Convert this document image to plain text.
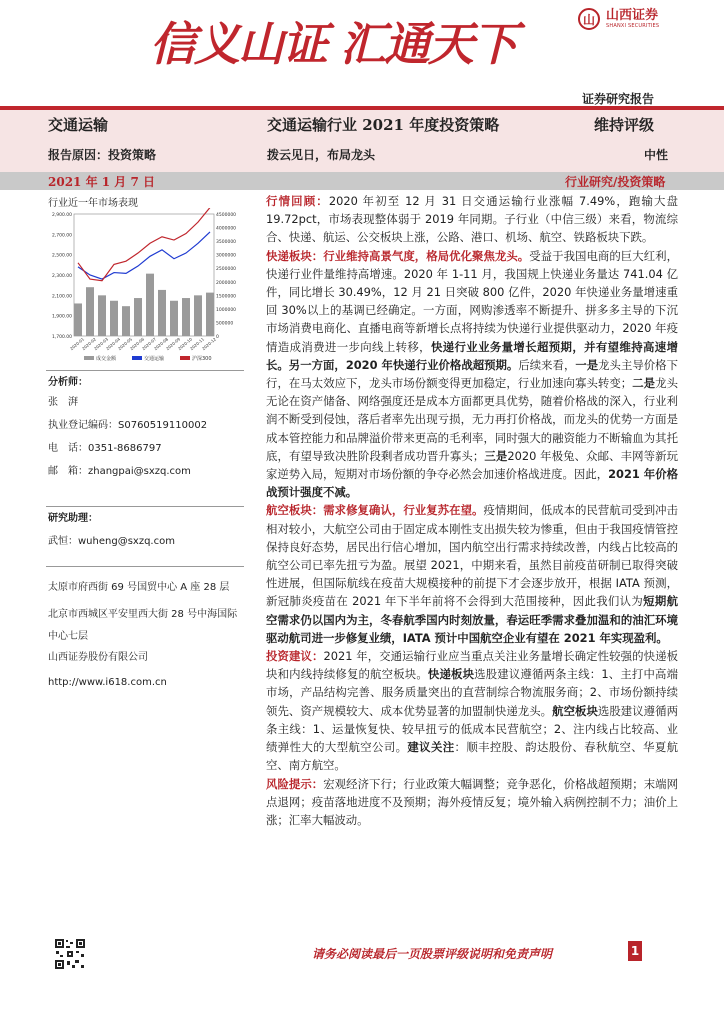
信义山证 汇通天下	山 山西证券
SHANXI SECURITIES
证券研究报告
交通运输	交通运输行业 2021 年度投资策略	维持评级
报告原因：投资策略	拨云见日，布局龙头	中性
2021 年 1 月 7 日	行业研究/投资策略
行业近一年市场表现
2,900.00
2,700.00
2,500.00
2,300.00
2,100.00
1,900.00
1,700.00
4500000
4000000
3500000
3000000
2500000
2000000
1500000
1000000
500000
0
2020-01
2020-02
2020-03
2020-04
2020-05
2020-06
2020-07
2020-08
2020-09
2020-10
2020-11
2020-12
成交金额	交通运输	沪深300
分析师：
张　湃
执业登记编码：S0760519110002
电　话：0351-8686797
邮　箱：zhangpai@sxzq.com
研究助理：
武恒：wuheng@sxzq.com
太原市府西街 69 号国贸中心 A 座 28 层
北京市西城区平安里西大街 28 号中海国际中心七层
山西证券股份有限公司
http://www.i618.com.cn

行情回顾：2020 年初至 12 月 31 日交通运输行业涨幅 7.49%，跑输大盘 19.72pct，市场表现整体弱于 2019 年同期。子行业（中信三级）来看，物流综合、快递、航运、公交板块上涨，公路、港口、机场、航空、铁路板块下跌。

快递板块：行业维持高景气度，格局优化聚焦龙头。受益于我国电商的巨大红利，快递行业件量维持高增速。2020 年 1-11 月，我国规上快递业务量达 741.04 亿件，同比增长 30.49%，12 月 21 日突破 800 亿件，2020 年快递业务量增速重回 30%以上的基调已经确定。一方面，网购渗透率不断提升、拼多多主导的下沉市场消费电商化、直播电商等新增长点将持续为快递行业提供驱动力，2020 年疫情造成消费进一步向线上转移，快递行业业务量增长超预期，并有望维持高速增长。另一方面，2020 年快递行业价格战超预期。后续来看，一是龙头主导价格下行，在马太效应下，龙头市场份额变得更加稳定，行业加速向寡头转变；二是龙头无论在资产储备、网络强度还是成本方面都更具优势，随着价格战的深入，行业利润不断受到侵蚀，落后者率先出现亏损，无力再打价格战，而龙头的优势一方面是成本管控能力和品牌溢价带来更高的毛利率，同时强大的融资能力不断输血为其托底，有望导致决胜阶段剩者成功晋升寡头；三是2020 年极兔、众邮、丰网等新玩家逆势入局，短期对市场份额的争夺必然会加速价格战进度。因此，2021 年价格战预计强度不减。

航空板块：需求修复确认，行业复苏在望。疫情期间，低成本的民营航司受到冲击相对较小，大航空公司由于固定成本刚性支出损失较为惨重，但由于我国疫情管控保持良好态势，居民出行信心增加，国内航空出行需求持续改善，内线占比较高的航空公司已率先扭亏为盈。展望 2021，中期来看，虽然目前疫苗研制已取得突破性进展，但国际航线在疫苗大规模接种的前提下才会逐步放开，根据 IATA 预测，新冠肺炎疫苗在 2021 年下半年前将不会得到大范围接种，因此我们认为短期航空需求仍以国内为主，冬春航季国内时刻放量，春运旺季需求叠加温和的油汇环境驱动航司进一步修复业绩，IATA 预计中国航空企业有望在 2021 年实现盈利。

投资建议：2021 年，交通运输行业应当重点关注业务量增长确定性较强的快递板块和内线持续修复的航空板块。快递板块选股建议遵循两条主线：1、主打中高端市场，产品结构完善、服务质量突出的直营制综合物流服务商；2、市场份额持续领先、资产规模较大、成本优势显著的加盟制快递龙头。航空板块选股建议遵循两条主线：1、运量恢复快、较早扭亏的低成本民营航空；2、注内线占比较高、业绩弹性大的大型航空公司。建议关注：顺丰控股、韵达股份、春秋航空、华夏航空、南方航空。

风险提示：宏观经济下行；行业政策大幅调整；竞争恶化，价格战超预期；末端网点退网；疫苗落地进度不及预期；海外疫情反复；境外输入病例控制不力；油价上涨；汇率大幅波动。

请务必阅读最后一页股票评级说明和免责声明	1
